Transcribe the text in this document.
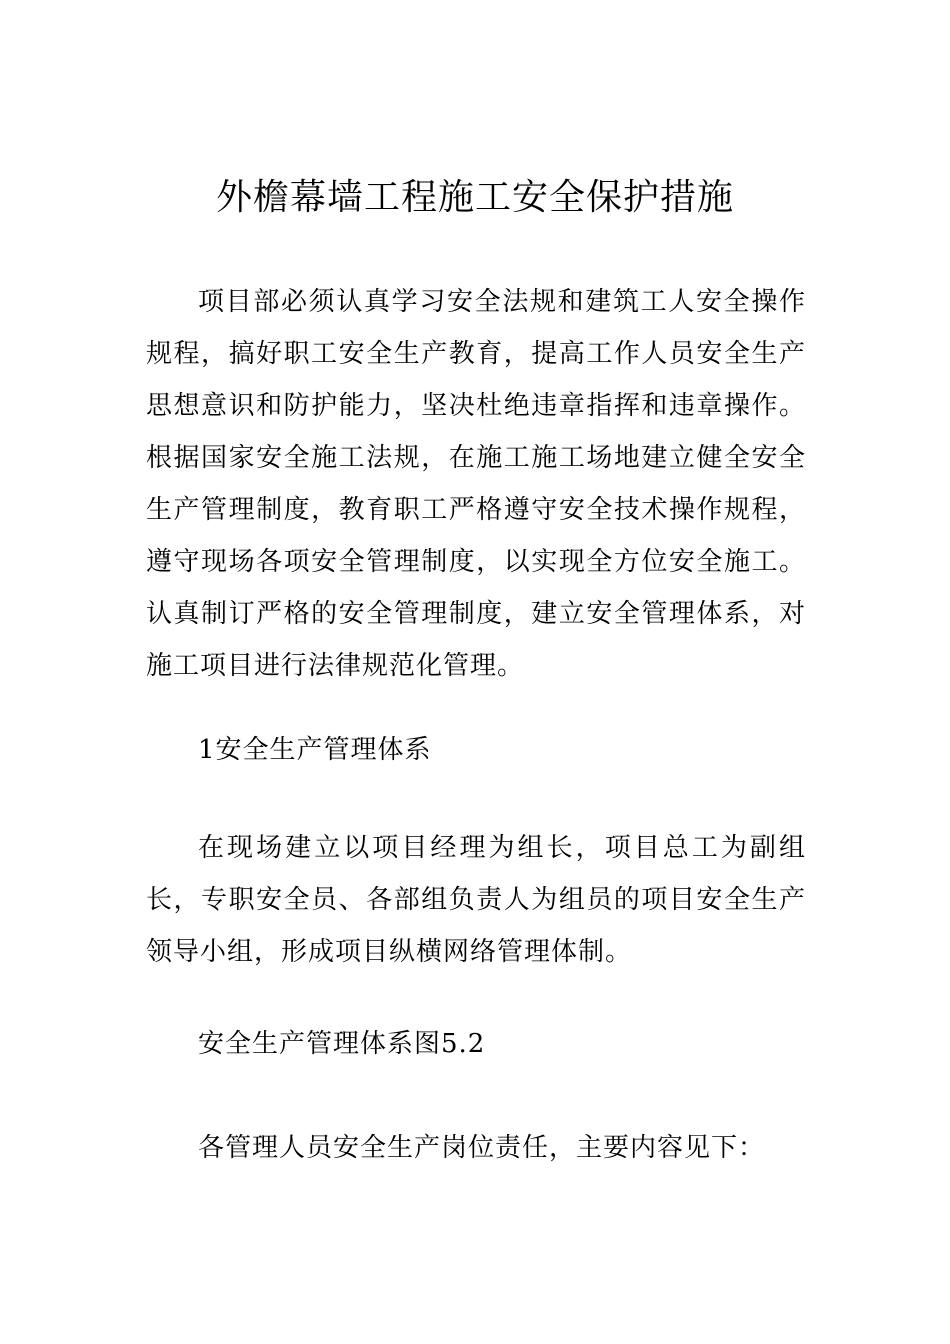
外檐幕墙工程施工安全保护措施

项目部必须认真学习安全法规和建筑工人安全操作规程，搞好职工安全生产教育，提高工作人员安全生产思想意识和防护能力，坚决杜绝违章指挥和违章操作。根据国家安全施工法规，在施工施工场地建立健全安全生产管理制度，教育职工严格遵守安全技术操作规程，遵守现场各项安全管理制度，以实现全方位安全施工。认真制订严格的安全管理制度，建立安全管理体系，对施工项目进行法律规范化管理。

1安全生产管理体系

在现场建立以项目经理为组长，项目总工为副组长，专职安全员、各部组负责人为组员的项目安全生产领导小组，形成项目纵横网络管理体制。

安全生产管理体系图5.2

各管理人员安全生产岗位责任，主要内容见下：
